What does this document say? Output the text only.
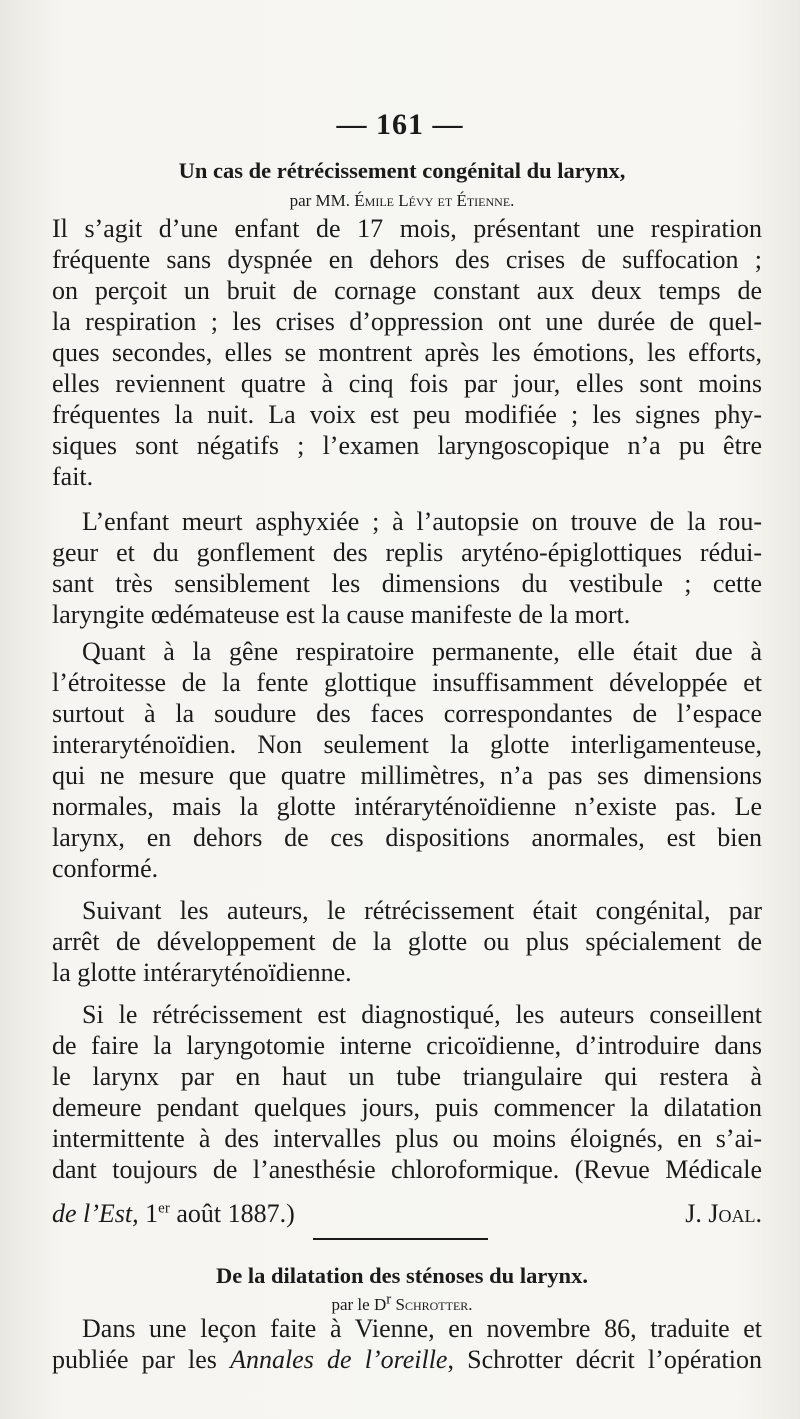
— 161 —
Un cas de rétrécissement congénital du larynx,
par MM. Émile Lévy et Étienne.
Il s’agit d’une enfant de 17 mois, présentant une respiration
fréquente sans dyspnée en dehors des crises de suffocation ;
on perçoit un bruit de cornage constant aux deux temps de
la respiration ; les crises d’oppression ont une durée de quel-
ques secondes, elles se montrent après les émotions, les efforts,
elles reviennent quatre à cinq fois par jour, elles sont moins
fréquentes la nuit. La voix est peu modifiée ; les signes phy-
siques sont négatifs ; l’examen laryngoscopique n’a pu être
fait.
L’enfant meurt asphyxiée ; à l’autopsie on trouve de la rou-
geur et du gonflement des replis aryténo-épiglottiques rédui-
sant très sensiblement les dimensions du vestibule ; cette
laryngite œdémateuse est la cause manifeste de la mort.
Quant à la gêne respiratoire permanente, elle était due à
l’étroitesse de la fente glottique insuffisamment développée et
surtout à la soudure des faces correspondantes de l’espace
interaryténoïdien. Non seulement la glotte interligamenteuse,
qui ne mesure que quatre millimètres, n’a pas ses dimensions
normales, mais la glotte intéraryténoïdienne n’existe pas. Le
larynx, en dehors de ces dispositions anormales, est bien
conformé.
Suivant les auteurs, le rétrécissement était congénital, par
arrêt de développement de la glotte ou plus spécialement de
la glotte intéraryténoïdienne.
Si le rétrécissement est diagnostiqué, les auteurs conseillent
de faire la laryngotomie interne cricoïdienne, d’introduire dans
le larynx par en haut un tube triangulaire qui restera à
demeure pendant quelques jours, puis commencer la dilatation
intermittente à des intervalles plus ou moins éloignés, en s’ai-
dant toujours de l’anesthésie chloroformique. (Revue Médicale
de l’Est, 1er août 1887.)	J. Joal.
De la dilatation des sténoses du larynx.
par le $D^r$ Schrotter.
Dans une leçon faite à Vienne, en novembre 86, traduite et
publiée par les Annales de l’oreille, Schrotter décrit l’opération
